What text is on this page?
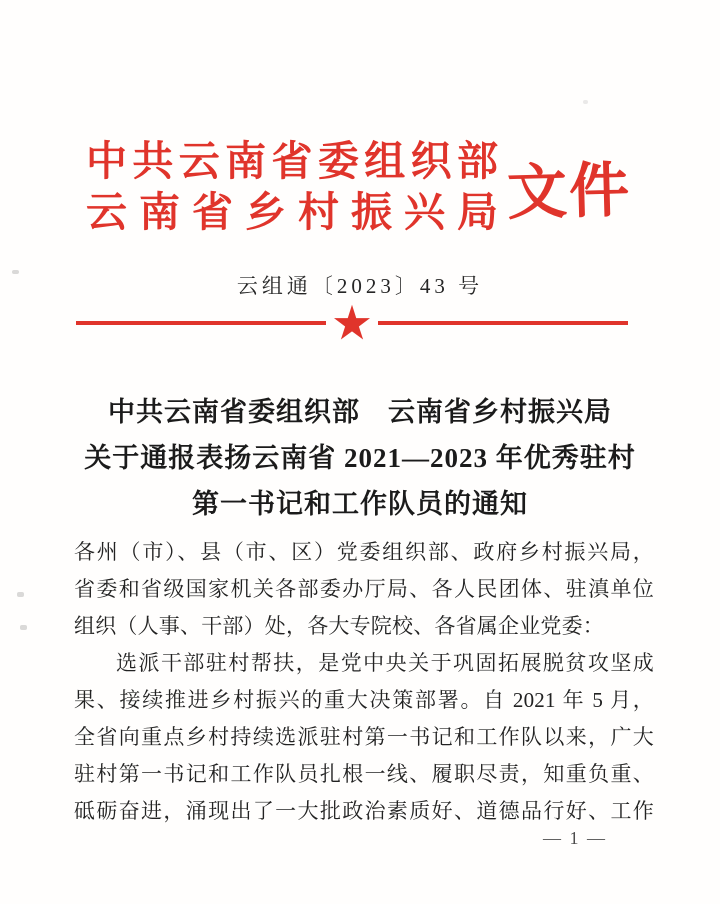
中共云南省委组织部
云南省乡村振兴局 文件
云组通〔2023〕43 号
中共云南省委组织部　云南省乡村振兴局
关于通报表扬云南省 2021—2023 年优秀驻村
第一书记和工作队员的通知
各州（市）、县（市、区）党委组织部、政府乡村振兴局，
省委和省级国家机关各部委办厅局、各人民团体、驻滇单位
组织（人事、干部）处，各大专院校、各省属企业党委：
选派干部驻村帮扶，是党中央关于巩固拓展脱贫攻坚成
果、接续推进乡村振兴的重大决策部署。自 2021 年 5 月，
全省向重点乡村持续选派驻村第一书记和工作队以来，广大
驻村第一书记和工作队员扎根一线、履职尽责，知重负重、
砥砺奋进，涌现出了一大批政治素质好、道德品行好、工作
— 1 —
